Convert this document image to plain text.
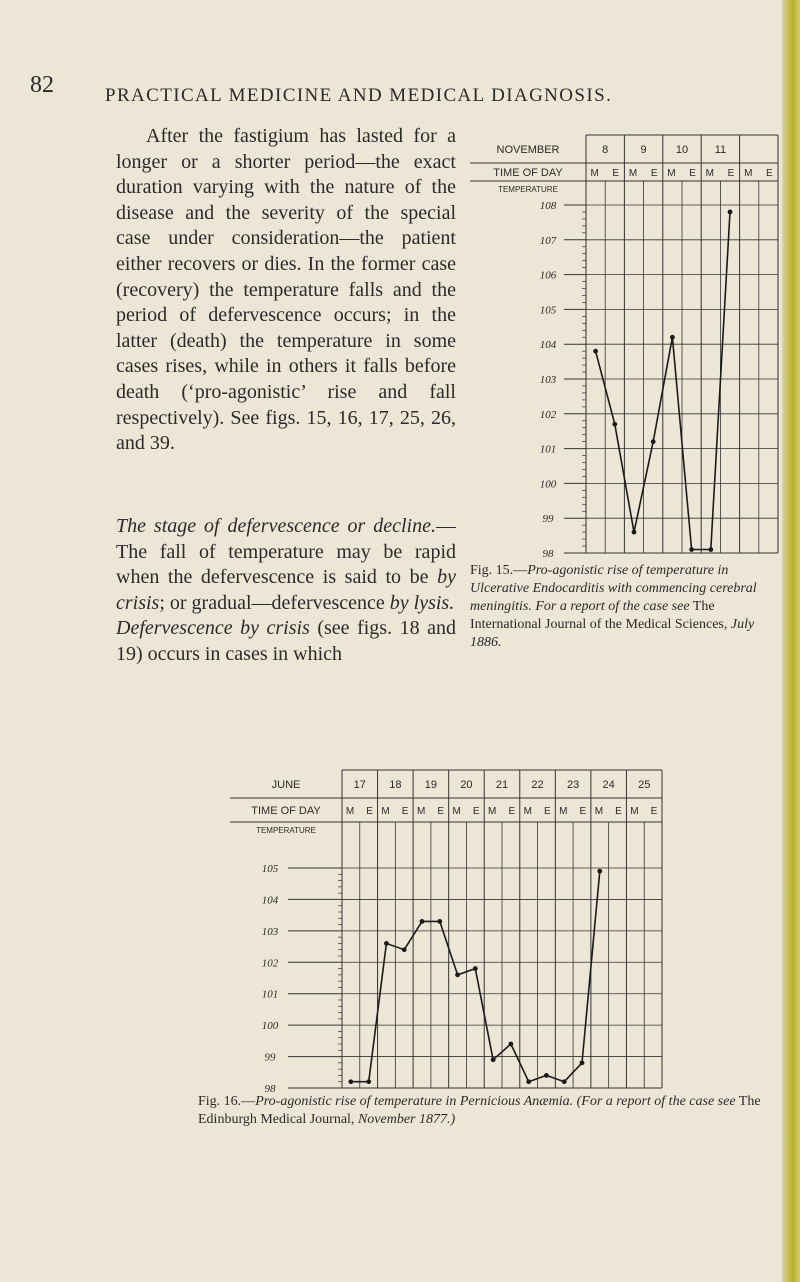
82	PRACTICAL MEDICINE AND MEDICAL DIAGNOSIS.

After the fastigium has lasted for a longer or a shorter period—the exact duration varying with the nature of the disease and the severity of the special case under consideration—the patient either recovers or dies. In the former case (recovery) the temperature falls and the period of defervescence occurs; in the latter (death) the temperature in some cases rises, while in others it falls before death (‘pro-agonistic’ rise and fall respectively). See figs. 15, 16, 17, 25, 26, and 39.

The stage of defervescence or decline.—The fall of temperature may be rapid when the defervescence is said to be by crisis; or gradual—defervescence by lysis.

Defervescence by crisis (see figs. 18 and 19) occurs in cases in which

NOVEMBER
TIME OF DAY
TEMPERATURE
8
M E
9
M E
10
M E
11
M E M E
108
107
106
105
104
103
102
101
100
99
98

Fig. 15.—Pro-agonistic rise of temperature in Ulcerative Endocarditis with commencing cerebral meningitis. For a report of the case see The International Journal of the Medical Sciences, July 1886.

JUNE
TIME OF DAY
TEMPERATURE
17
M E
18
M E
19
M E
20
M E
21
M E
22
M E
23
M E
24
M E
25
M E
105
104
103
102
101
100
99
98

Fig. 16.—Pro-agonistic rise of temperature in Pernicious Anæmia. (For a report of the case see The Edinburgh Medical Journal, November 1877.)
